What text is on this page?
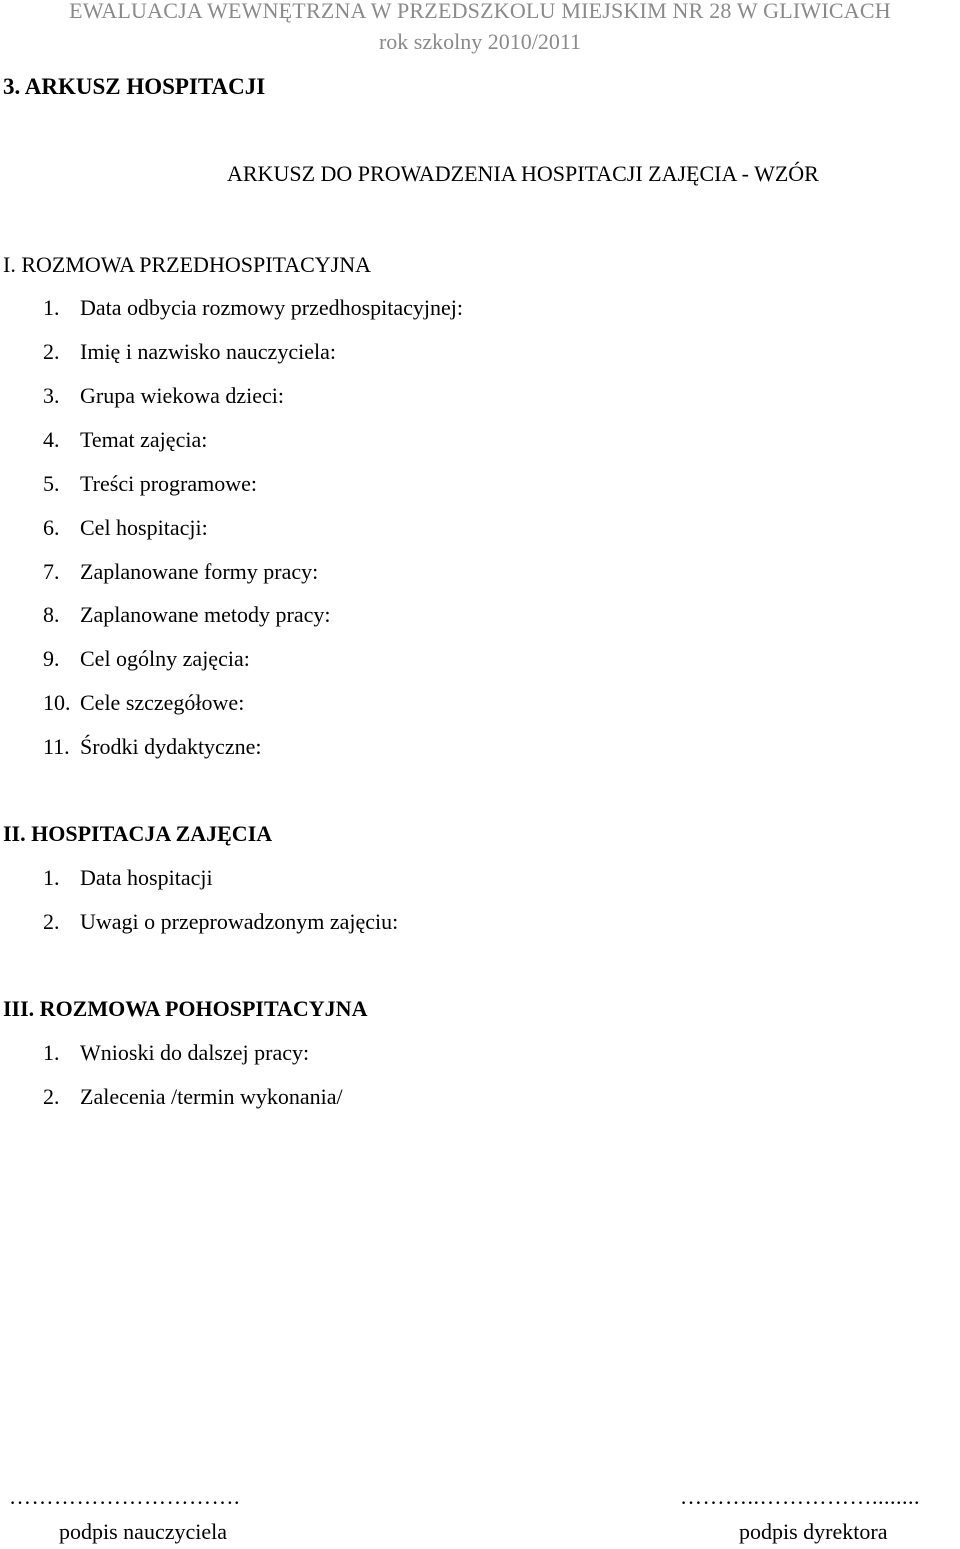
EWALUACJA WEWNĘTRZNA W PRZEDSZKOLU MIEJSKIM NR 28 W GLIWICACH
rok szkolny 2010/2011
3. ARKUSZ HOSPITACJI
ARKUSZ DO PROWADZENIA HOSPITACJI ZAJĘCIA - WZÓR
I. ROZMOWA PRZEDHOSPITACYJNA
1. Data odbycia rozmowy przedhospitacyjnej:
2. Imię i nazwisko nauczyciela:
3. Grupa wiekowa dzieci:
4. Temat zajęcia:
5. Treści programowe:
6. Cel hospitacji:
7. Zaplanowane formy pracy:
8. Zaplanowane metody pracy:
9. Cel ogólny zajęcia:
10. Cele szczegółowe:
11. Środki dydaktyczne:
II. HOSPITACJA ZAJĘCIA
1. Data hospitacji
2. Uwagi o przeprowadzonym zajęciu:
III. ROZMOWA POHOSPITACYJNA
1. Wnioski do dalszej pracy:
2. Zalecenia /termin wykonania/
………………………….
podpis nauczyciela
………..……………........
podpis dyrektora
